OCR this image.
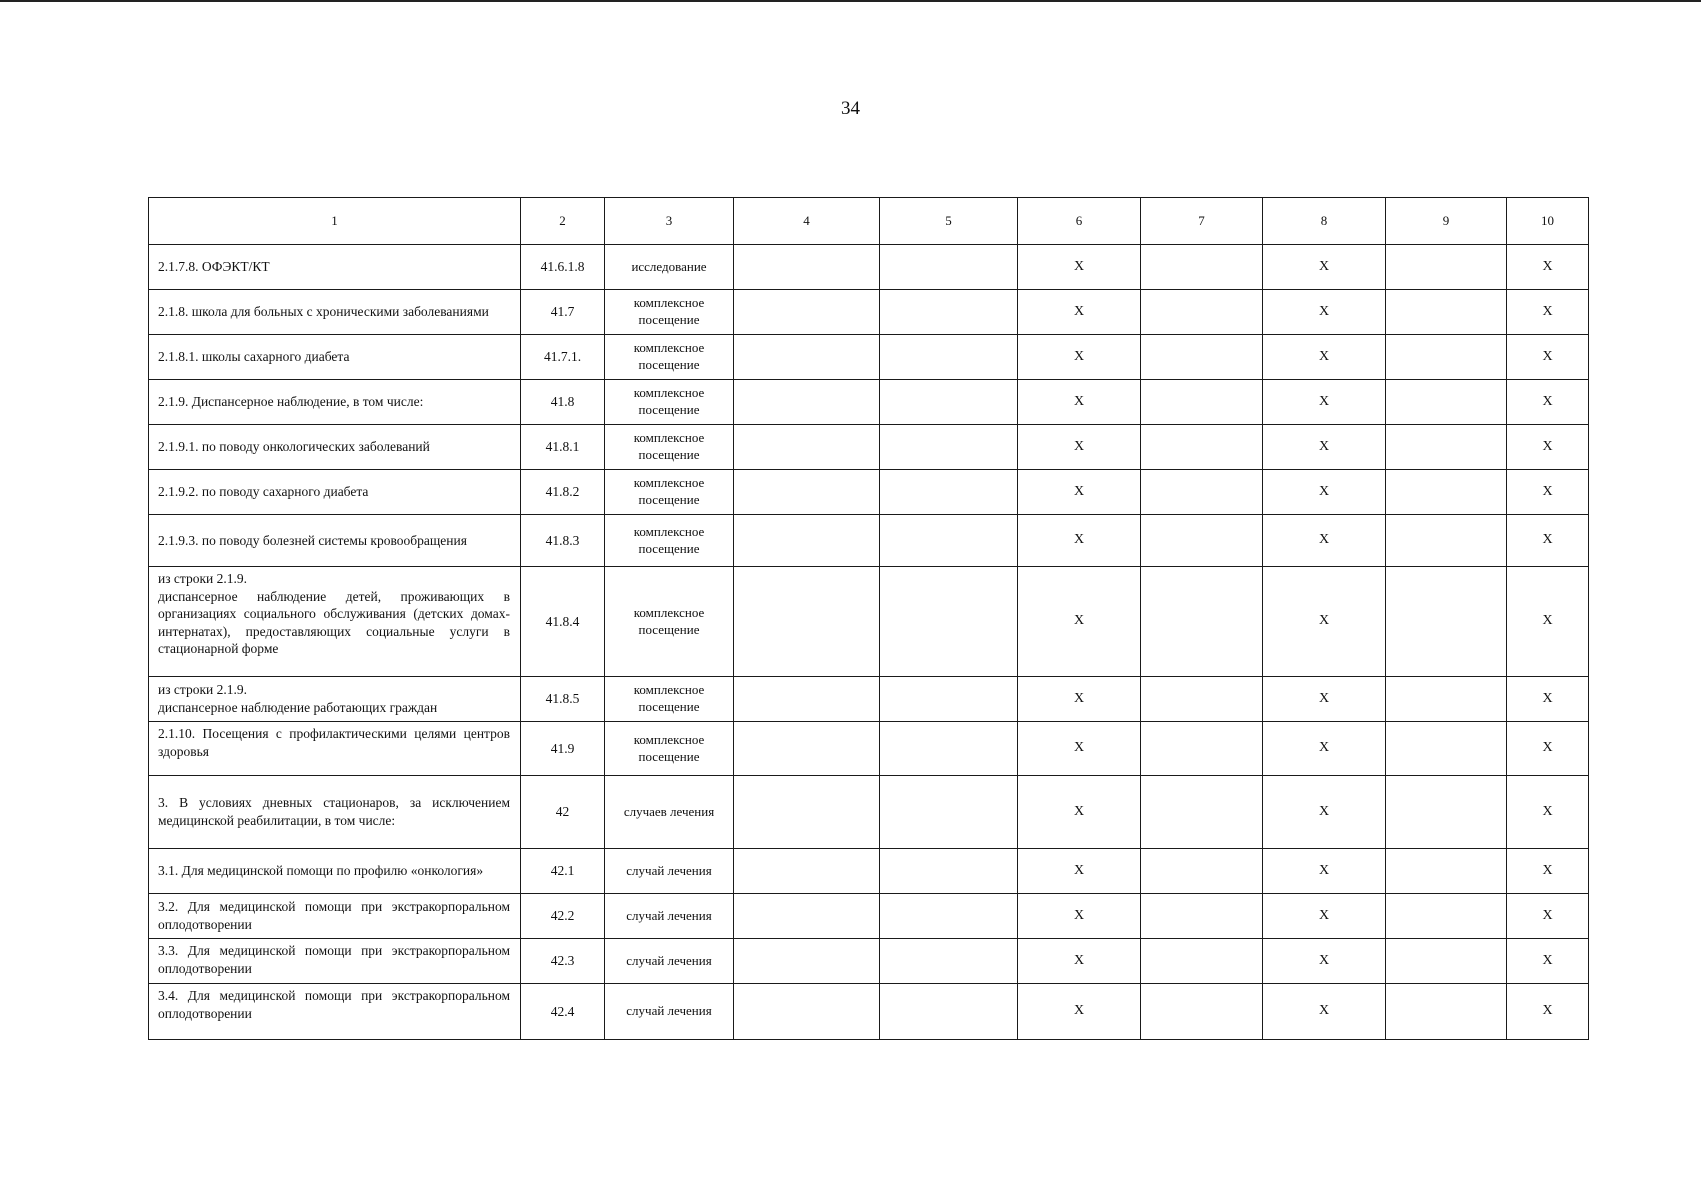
34
1	2	3	4	5	6	7	8	9	10
2.1.7.8. ОФЭКТ/КТ	41.6.1.8	исследование			Х		Х		Х
2.1.8. школа для больных с хроническими заболеваниями	41.7	комплексное посещение			Х		Х		Х
2.1.8.1. школы сахарного диабета	41.7.1.	комплексное посещение			Х		Х		Х
2.1.9. Диспансерное наблюдение, в том числе:	41.8	комплексное посещение			Х		Х		Х
2.1.9.1. по поводу онкологических заболеваний	41.8.1	комплексное посещение			Х		Х		Х
2.1.9.2. по поводу сахарного диабета	41.8.2	комплексное посещение			Х		Х		Х
2.1.9.3. по поводу болезней системы кровообращения	41.8.3	комплексное посещение			Х		Х		Х
из строки 2.1.9.
диспансерное наблюдение детей, проживающих в организациях социального обслуживания (детских домах-интернатах), предоставляющих социальные услуги в стационарной форме	41.8.4	комплексное посещение			Х		Х		Х
из строки 2.1.9.
диспансерное наблюдение работающих граждан	41.8.5	комплексное посещение			Х		Х		Х
2.1.10. Посещения с профилактическими целями центров здоровья	41.9	комплексное посещение			Х		Х		Х
3. В условиях дневных стационаров, за исключением медицинской реабилитации, в том числе:	42	случаев лечения			Х		Х		Х
3.1. Для медицинской помощи по профилю «онкология»	42.1	случай лечения			Х		Х		Х
3.2. Для медицинской помощи при экстракорпоральном оплодотворении	42.2	случай лечения			Х		Х		Х
3.3. Для медицинской помощи при экстракорпоральном оплодотворении	42.3	случай лечения			Х		Х		Х
3.4. Для медицинской помощи при экстракорпоральном оплодотворении	42.4	случай лечения			Х		Х		Х
